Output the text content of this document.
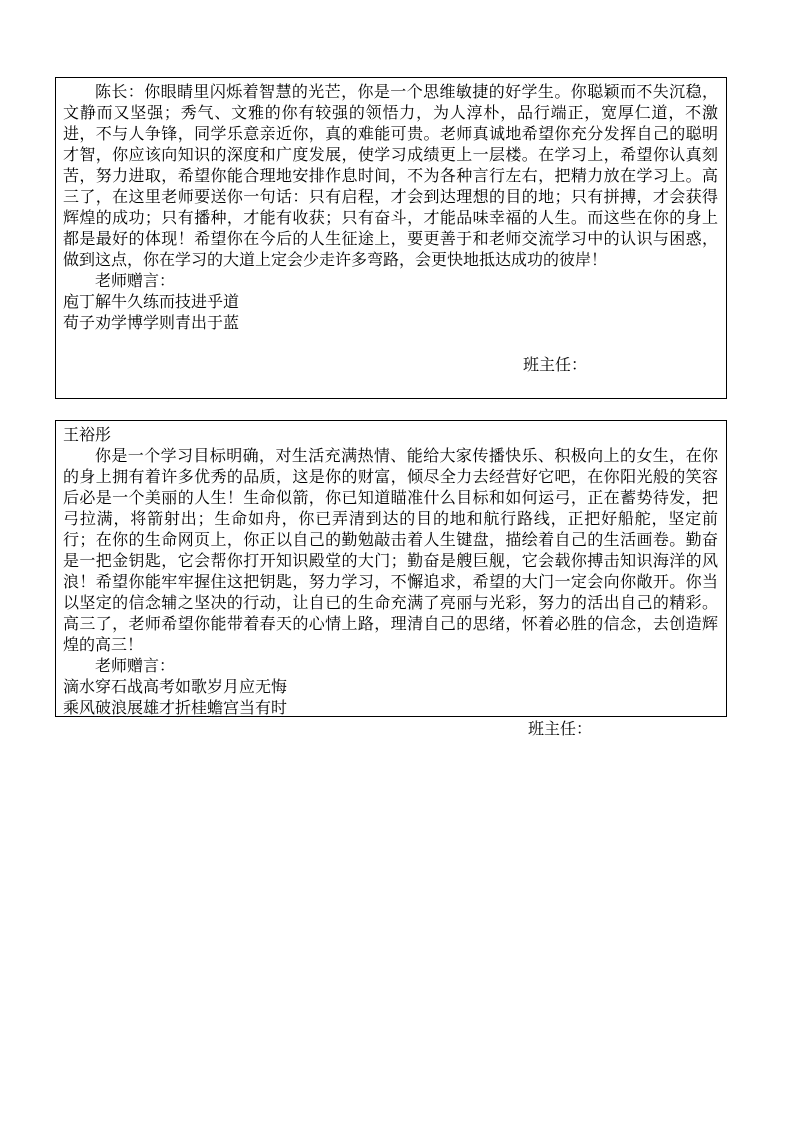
陈长：你眼睛里闪烁着智慧的光芒，你是一个思维敏捷的好学生。你聪颖而不失沉稳，文静而又坚强；秀气、文雅的你有较强的领悟力，为人淳朴，品行端正，宽厚仁道，不激进，不与人争锋，同学乐意亲近你，真的难能可贵。老师真诚地希望你充分发挥自己的聪明才智，你应该向知识的深度和广度发展，使学习成绩更上一层楼。在学习上，希望你认真刻苦，努力进取，希望你能合理地安排作息时间，不为各种言行左右，把精力放在学习上。高三了，在这里老师要送你一句话：只有启程，才会到达理想的目的地；只有拼搏，才会获得辉煌的成功；只有播种，才能有收获；只有奋斗，才能品味幸福的人生。而这些在你的身上都是最好的体现！希望你在今后的人生征途上，要更善于和老师交流学习中的认识与困惑，做到这点，你在学习的大道上定会少走许多弯路，会更快地抵达成功的彼岸！

老师赠言：
庖丁解牛久练而技进乎道
荀子劝学博学则青出于蓝
班主任：
王裕彤

你是一个学习目标明确，对生活充满热情、能给大家传播快乐、积极向上的女生，在你的身上拥有着许多优秀的品质，这是你的财富，倾尽全力去经营好它吧，在你阳光般的笑容后必是一个美丽的人生！生命似箭，你已知道瞄准什么目标和如何运弓，正在蓄势待发，把弓拉满，将箭射出；生命如舟，你已弄清到达的目的地和航行路线，正把好船舵，坚定前行；在你的生命网页上，你正以自己的勤勉敲击着人生键盘，描绘着自己的生活画卷。勤奋是一把金钥匙，它会帮你打开知识殿堂的大门；勤奋是艘巨舰，它会载你搏击知识海洋的风浪！希望你能牢牢握住这把钥匙，努力学习，不懈追求，希望的大门一定会向你敞开。你当以坚定的信念辅之坚决的行动，让自已的生命充满了亮丽与光彩，努力的活出自己的精彩。高三了，老师希望你能带着春天的心情上路，理清自己的思绪，怀着必胜的信念，去创造辉煌的高三！

老师赠言：
滴水穿石战高考如歌岁月应无悔
乘风破浪展雄才折桂蟾宫当有时
班主任：
